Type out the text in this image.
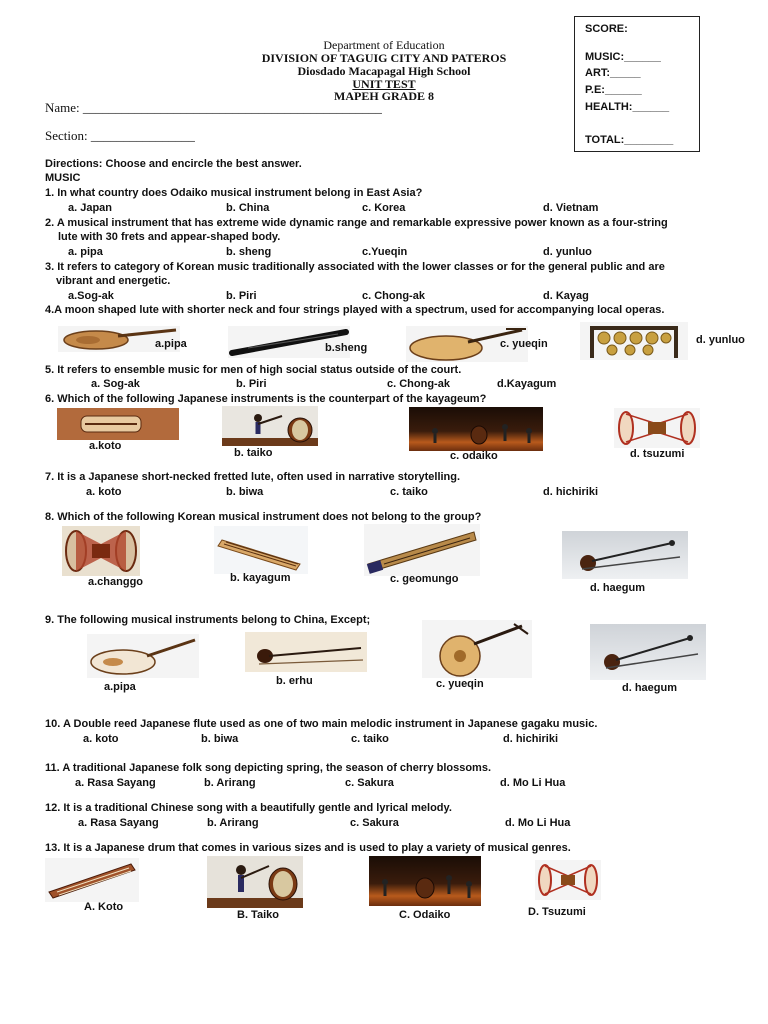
SCORE:
MUSIC:______
ART:_____
P.E:______
HEALTH:______
TOTAL:________
Department of Education
DIVISION OF TAGUIG CITY AND PATEROS
Diosdado Macapagal High School
UNIT TEST
MAPEH GRADE 8
Name: ______________________________________________
Section: ________________
Directions: Choose and encircle the best answer.
MUSIC
1. In what country does Odaiko musical instrument belong in East Asia?
a. Japan	b. China	c. Korea	d. Vietnam
2. A musical instrument that has extreme wide dynamic range and remarkable expressive power known as a four-string
lute with 30 frets and appear-shaped body.
a. pipa	b. sheng	c.Yueqin	d. yunluo
3. It refers to category of Korean music traditionally associated with the lower classes or for the general public and are
vibrant and energetic.
a.Sog-ak	b. Piri	c. Chong-ak	d. Kayag
4.A moon shaped lute with shorter neck and four strings played with a spectrum, used for accompanying local operas.
a.pipa	b.sheng	c. yueqin	d. yunluo
5. It refers to ensemble music for men of high social status outside of the court.
a. Sog-ak	b. Piri	c. Chong-ak	d.Kayagum
6. Which of the following Japanese instruments is the counterpart of the kayageum?
a.koto
b. taiko	c. odaiko	d. tsuzumi
7. It is a Japanese short-necked fretted lute, often used in narrative storytelling.
a. koto	b. biwa	c. taiko	d. hichiriki
8. Which of the following Korean musical instrument does not belong to the group?
a.changgo	b. kayagum	c. geomungo
d. haegum
9. The following musical instruments belong to China, Except;
a.pipa	b. erhu	c. yueqin	d. haegum
10. A Double reed Japanese flute used as one of two main melodic instrument in Japanese gagaku music.
a. koto	b. biwa	c. taiko	d. hichiriki
11. A traditional Japanese folk song depicting spring, the season of cherry blossoms.
a. Rasa Sayang	b. Arirang	c. Sakura	d. Mo Li Hua
12. It is a traditional Chinese song with a beautifully gentle and lyrical melody.
a. Rasa Sayang	b. Arirang	c. Sakura	d. Mo Li Hua
13. It is a Japanese drum that comes in various sizes and is used to play a variety of musical genres.
A. Koto
B. Taiko	C. Odaiko	D. Tsuzumi
